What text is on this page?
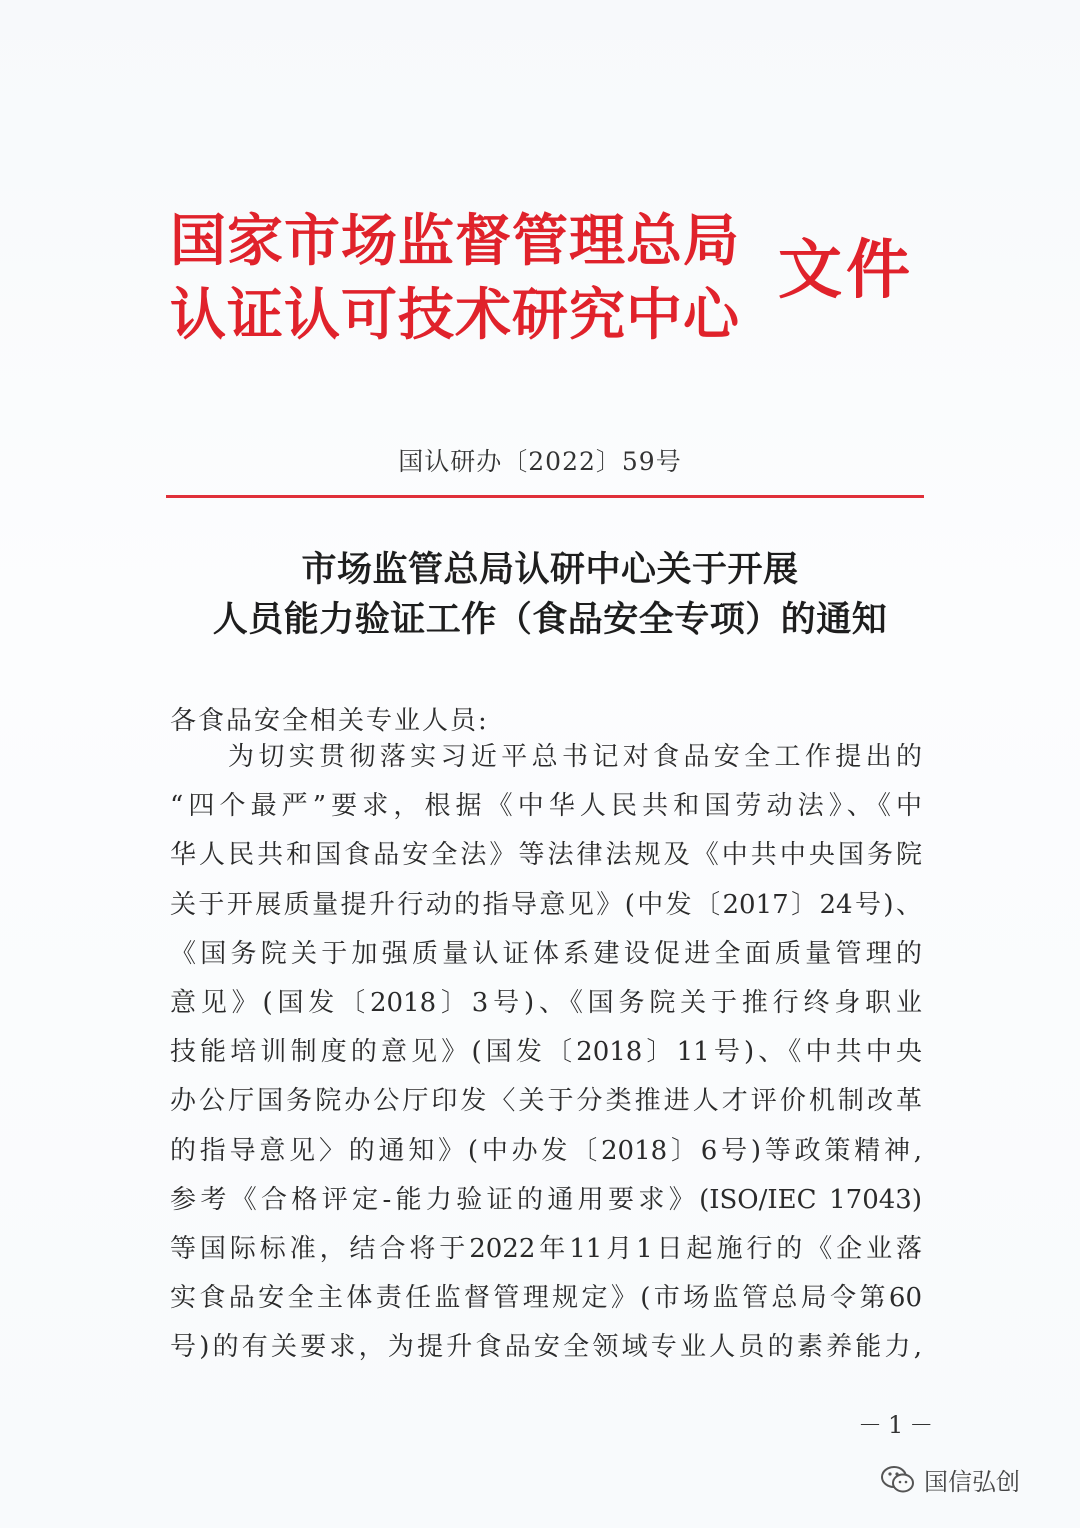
国家市场监督管理总局
认证认可技术研究中心
文件
国认研办〔2022〕59号
市场监管总局认研中心关于开展
人员能力验证工作（食品安全专项）的通知
各食品安全相关专业人员:
为切实贯彻落实习近平总书记对食品安全工作提出的
“四个最严”要求，根据《中华人民共和国劳动法》、《中
华人民共和国食品安全法》等法律法规及《中共中央国务院
关于开展质量提升行动的指导意见》(中发〔2017〕24号)、
《国务院关于加强质量认证体系建设促进全面质量管理的
意见》(国发〔2018〕3号)、《国务院关于推行终身职业
技能培训制度的意见》(国发〔2018〕11号)、《中共中央
办公厅国务院办公厅印发〈关于分类推进人才评价机制改革
的指导意见〉的通知》(中办发〔2018〕6号)等政策精神,
参考《合格评定-能力验证的通用要求》(ISO/IEC 17043)
等国际标准，结合将于2022年11月1日起施行的《企业落
实食品安全主体责任监督管理规定》(市场监管总局令第60
号)的有关要求，为提升食品安全领域专业人员的素养能力,
－1－
国信弘创
